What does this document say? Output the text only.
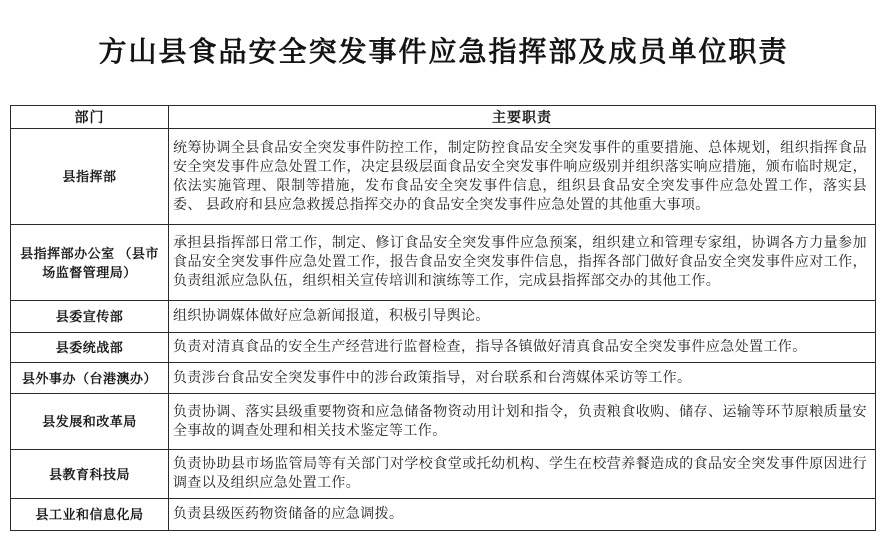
方山县食品安全突发事件应急指挥部及成员单位职责
部门	主要职责
县指挥部	统筹协调全县食品安全突发事件防控工作，制定防控食品安全突发事件的重要措施、总体规划，组织指挥食品安全突发事件应急处置工作，决定县级层面食品安全突发事件响应级别并组织落实响应措施，颁布临时规定，依法实施管理、限制等措施，发布食品安全突发事件信息，组织县食品安全突发事件应急处置工作，落实县委、 县政府和县应急救援总指挥交办的食品安全突发事件应急处置的其他重大事项。
县指挥部办公室 （县市场监督管理局）	承担县指挥部日常工作，制定、修订食品安全突发事件应急预案，组织建立和管理专家组，协调各方力量参加食品安全突发事件应急处置工作，报告食品安全突发事件信息，指挥各部门做好食品安全突发事件应对工作， 负责组派应急队伍，组织相关宣传培训和演练等工作，完成县指挥部交办的其他工作。
县委宣传部	组织协调媒体做好应急新闻报道，积极引导舆论。
县委统战部	负责对清真食品的安全生产经营进行监督检查，指导各镇做好清真食品安全突发事件应急处置工作。
县外事办（台港澳办）	负责涉台食品安全突发事件中的涉台政策指导，对台联系和台湾媒体采访等工作。
县发展和改革局	负责协调、落实县级重要物资和应急储备物资动用计划和指令，负责粮食收购、储存、运输等环节原粮质量安全事故的调查处理和相关技术鉴定等工作。
县教育科技局	负责协助县市场监管局等有关部门对学校食堂或托幼机构、学生在校营养餐造成的食品安全突发事件原因进行调查以及组织应急处置工作。
县工业和信息化局	负责县级医药物资储备的应急调拨。
